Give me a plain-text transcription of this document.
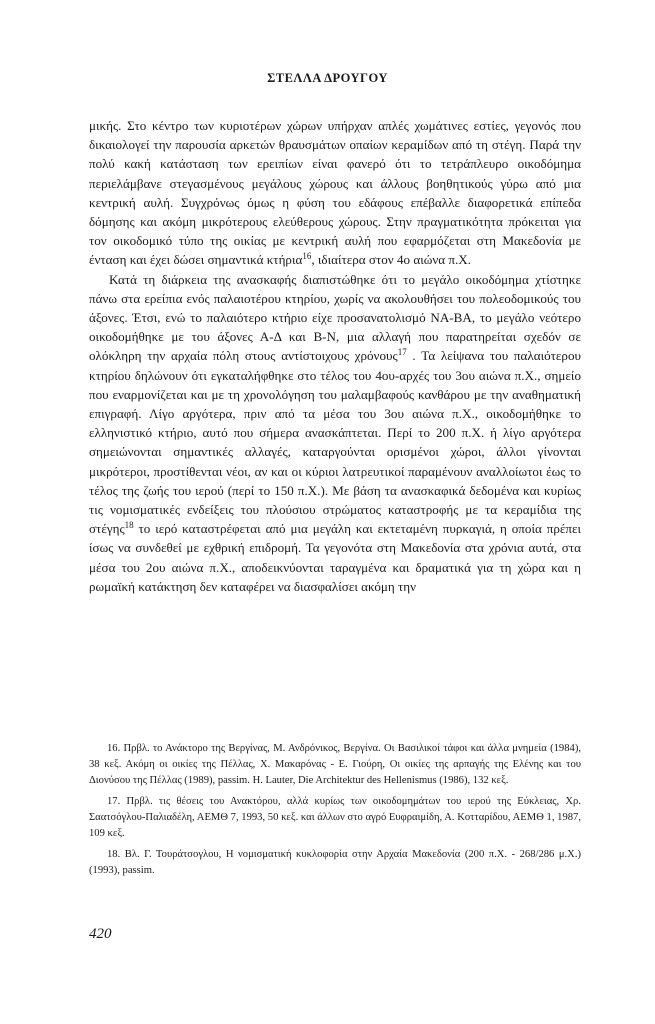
ΣΤΕΛΛΑ ΔΡΟΥΓΟΥ

μικής. Στο κέντρο των κυριοτέρων χώρων υπήρχαν απλές χωμάτινες εστίες, γεγονός που δικαιολογεί την παρουσία αρκετών θραυσμάτων οπαίων κεραμίδων από τη στέγη. Παρά την πολύ κακή κατάσταση των ερειπίων είναι φανερό ότι το τετράπλευρο οικοδόμημα περιελάμβανε στεγασμένους μεγάλους χώρους και άλλους βοηθητικούς γύρω από μια κεντρική αυλή. Συγχρόνως όμως η φύση του εδάφους επέβαλλε διαφορετικά επίπεδα δόμησης και ακόμη μικρότερους ελεύθερους χώρους. Στην πραγματικότητα πρόκειται για τον οικοδομικό τύπο της οικίας με κεντρική αυλή που εφαρμόζεται στη Μακεδονία με ένταση και έχει δώσει σημαντικά κτήρια$^{16}$, ιδιαίτερα στον 4ο αιώνα π.Χ.

Κατά τη διάρκεια της ανασκαφής διαπιστώθηκε ότι το μεγάλο οικοδόμημα χτίστηκε πάνω στα ερείπια ενός παλαιοτέρου κτηρίου, χωρίς να ακολουθήσει του πολεοδομικούς του άξονες. Έτσι, ενώ το παλαιότερο κτήριο είχε προσανατολισμό ΝΑ-ΒΑ, το μεγάλο νεότερο οικοδομήθηκε με του άξονες Α-Δ και Β-Ν, μια αλλαγή που παρατηρείται σχεδόν σε ολόκληρη την αρχαία πόλη στους αντίστοιχους χρόνους$^{17}$ . Τα λείψανα του παλαιότερου κτηρίου δηλώνουν ότι εγκαταλήφθηκε στο τέλος του 4ου-αρχές του 3ου αιώνα π.Χ., σημείο που εναρμονίζεται και με τη χρονολόγηση του μαλαμβαφούς κανθάρου με την αναθηματική επιγραφή. Λίγο αργότερα, πριν από τα μέσα του 3ου αιώνα π.Χ., οικοδομήθηκε το ελληνιστικό κτήριο, αυτό που σήμερα ανασκάπτεται. Περί το 200 π.Χ. ή λίγο αργότερα σημειώνονται σημαντικές αλλαγές, καταργούνται ορισμένοι χώροι, άλλοι γίνονται μικρότεροι, προστίθενται νέοι, αν και οι κύριοι λατρευτικοί παραμένουν αναλλοίωτοι έως το τέλος της ζωής του ιερού (περί το 150 π.Χ.). Με βάση τα ανασκαφικά δεδομένα και κυρίως τις νομισματικές ενδείξεις του πλούσιου στρώματος καταστροφής με τα κεραμίδια της στέγης$^{18}$ το ιερό καταστρέφεται από μια μεγάλη και εκτεταμένη πυρκαγιά, η οποία πρέπει ίσως να συνδεθεί με εχθρική επιδρομή. Τα γεγονότα στη Μακεδονία στα χρόνια αυτά, στα μέσα του 2ου αιώνα π.Χ., αποδεικνύονται ταραγμένα και δραματικά για τη χώρα και η ρωμαϊκή κατάκτηση δεν καταφέρει να διασφαλίσει ακόμη την

16. Πρβλ. το Ανάκτορο της Βεργίνας, Μ. Ανδρόνικος, Βεργίνα. Οι Βασιλικοί τάφοι και άλλα μνημεία (1984), 38 κεξ. Ακόμη οι οικίες της Πέλλας, Χ. Μακαρόνας - Ε. Γιούρη, Οι οικίες της αρπαγής της Ελένης και του Διονύσου της Πέλλας (1989), passim. H. Lauter, Die Architektur des Hellenismus (1986), 132 κεξ.

17. Πρβλ. τις θέσεις του Ανακτόρου, αλλά κυρίως των οικοδομημάτων του ιερού της Εύκλειας, Χρ. Σαατσόγλου-Παλιαδέλη, ΑΕΜΘ 7, 1993, 50 κεξ. και άλλων στο αγρό Ευφραιμίδη, Α. Κοτταρίδου, ΑΕΜΘ 1, 1987, 109 κεξ.

18. Βλ. Γ. Τουράτσογλου, Η νομισματική κυκλοφορία στην Αρχαία Μακεδονία (200 π.Χ. - 268/286 μ.Χ.) (1993), passim.

420
